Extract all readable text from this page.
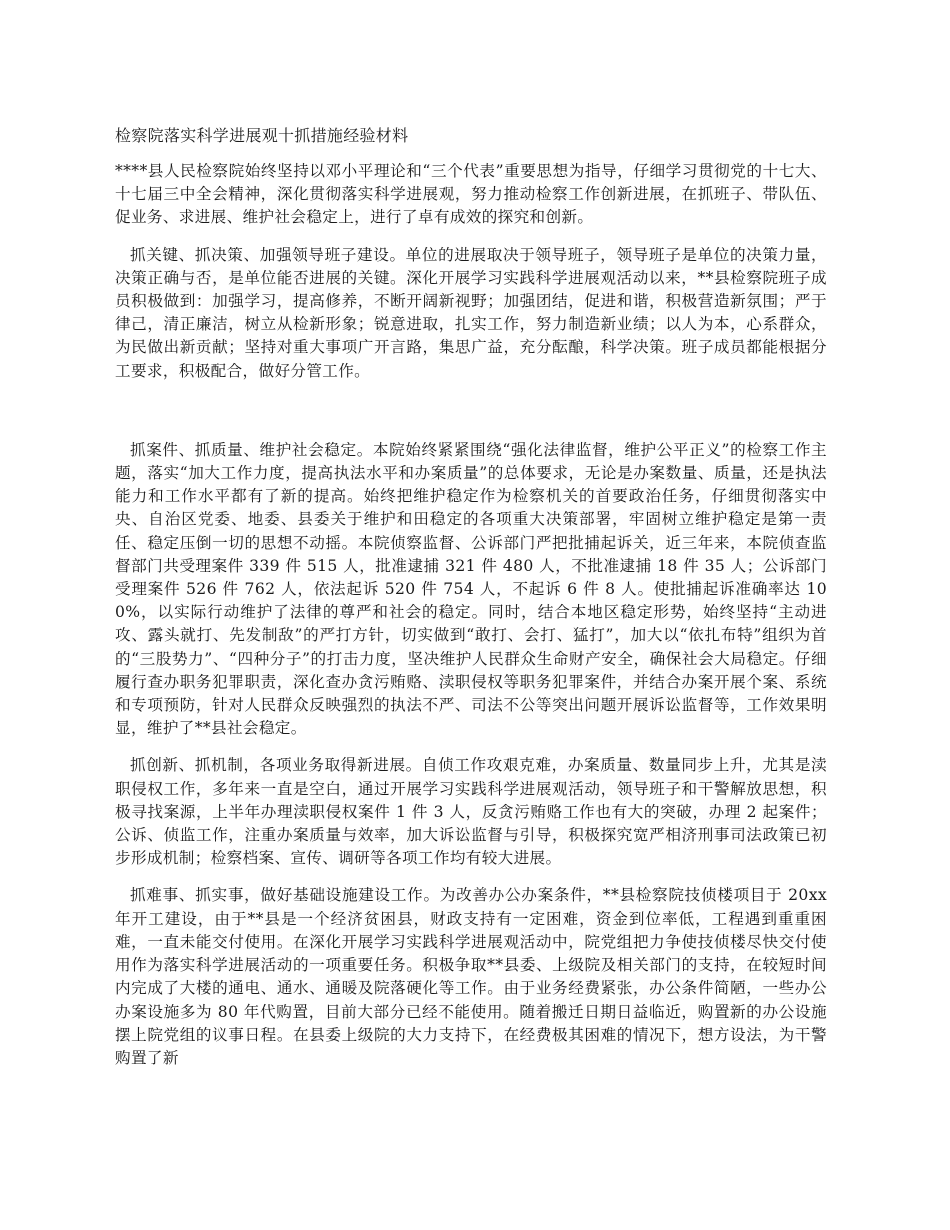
检察院落实科学进展观十抓措施经验材料

****县人民检察院始终坚持以邓小平理论和“三个代表”重要思想为指导，仔细学习贯彻党的十七大、十七届三中全会精神，深化贯彻落实科学进展观，努力推动检察工作创新进展，在抓班子、带队伍、促业务、求进展、维护社会稳定上，进行了卓有成效的探究和创新。

抓关键、抓决策、加强领导班子建设。单位的进展取决于领导班子，领导班子是单位的决策力量，决策正确与否，是单位能否进展的关键。深化开展学习实践科学进展观活动以来，**县检察院班子成员积极做到：加强学习，提高修养，不断开阔新视野；加强团结，促进和谐，积极营造新氛围；严于律己，清正廉洁，树立从检新形象；锐意进取，扎实工作，努力制造新业绩；以人为本，心系群众，为民做出新贡献；坚持对重大事项广开言路，集思广益，充分酝酿，科学决策。班子成员都能根据分工要求，积极配合，做好分管工作。

抓案件、抓质量、维护社会稳定。本院始终紧紧围绕“强化法律监督，维护公平正义”的检察工作主题，落实“加大工作力度，提高执法水平和办案质量”的总体要求，无论是办案数量、质量，还是执法能力和工作水平都有了新的提高。始终把维护稳定作为检察机关的首要政治任务，仔细贯彻落实中央、自治区党委、地委、县委关于维护和田稳定的各项重大决策部署，牢固树立维护稳定是第一责任、稳定压倒一切的思想不动摇。本院侦察监督、公诉部门严把批捕起诉关，近三年来，本院侦查监督部门共受理案件 339 件 515 人，批准逮捕 321 件 480 人，不批准逮捕 18 件 35 人；公诉部门受理案件 526 件 762 人，依法起诉 520 件 754 人，不起诉 6 件 8 人。使批捕起诉准确率达 100%，以实际行动维护了法律的尊严和社会的稳定。同时，结合本地区稳定形势，始终坚持“主动进攻、露头就打、先发制敌”的严打方针，切实做到“敢打、会打、猛打”，加大以“依扎布特”组织为首的“三股势力”、“四种分子”的打击力度，坚决维护人民群众生命财产安全，确保社会大局稳定。仔细履行查办职务犯罪职责，深化查办贪污贿赂、渎职侵权等职务犯罪案件，并结合办案开展个案、系统和专项预防，针对人民群众反映强烈的执法不严、司法不公等突出问题开展诉讼监督等，工作效果明显，维护了**县社会稳定。

抓创新、抓机制，各项业务取得新进展。自侦工作攻艰克难，办案质量、数量同步上升，尤其是渎职侵权工作，多年来一直是空白，通过开展学习实践科学进展观活动，领导班子和干警解放思想，积极寻找案源，上半年办理渎职侵权案件 1 件 3 人，反贪污贿赂工作也有大的突破，办理 2 起案件；公诉、侦监工作，注重办案质量与效率，加大诉讼监督与引导，积极探究宽严相济刑事司法政策已初步形成机制；检察档案、宣传、调研等各项工作均有较大进展。

抓难事、抓实事，做好基础设施建设工作。为改善办公办案条件，**县检察院技侦楼项目于 20xx 年开工建设，由于**县是一个经济贫困县，财政支持有一定困难，资金到位率低，工程遇到重重困难，一直未能交付使用。在深化开展学习实践科学进展观活动中，院党组把力争使技侦楼尽快交付使用作为落实科学进展活动的一项重要任务。积极争取**县委、上级院及相关部门的支持，在较短时间内完成了大楼的通电、通水、通暖及院落硬化等工作。由于业务经费紧张，办公条件简陋，一些办公办案设施多为 80 年代购置，目前大部分已经不能使用。随着搬迁日期日益临近，购置新的办公设施摆上院党组的议事日程。在县委上级院的大力支持下，在经费极其困难的情况下，想方设法，为干警购置了新
